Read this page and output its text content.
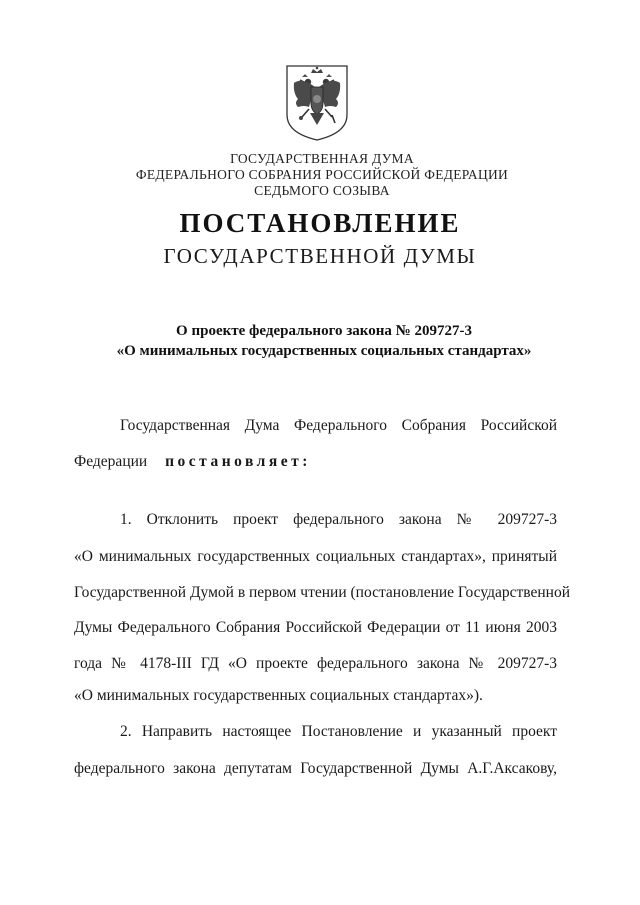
ГОСУДАРСТВЕННАЯ ДУМА
ФЕДЕРАЛЬНОГО СОБРАНИЯ РОССИЙСКОЙ ФЕДЕРАЦИИ
СЕДЬМОГО СОЗЫВА
ПОСТАНОВЛЕНИЕ
ГОСУДАРСТВЕННОЙ ДУМЫ
О проекте федерального закона № 209727-3
«О минимальных государственных социальных стандартах»
Государственная Дума Федерального Собрания Российской
Федерации постановляет:
1. Отклонить проект федерального закона № 209727-3
«О минимальных государственных социальных стандартах», принятый
Государственной Думой в первом чтении (постановление Государственной
Думы Федерального Собрания Российской Федерации от 11 июня 2003
года № 4178-III ГД «О проекте федерального закона № 209727-3
«О минимальных государственных социальных стандартах»).
2. Направить настоящее Постановление и указанный проект
федерального закона депутатам Государственной Думы А.Г.Аксакову,
